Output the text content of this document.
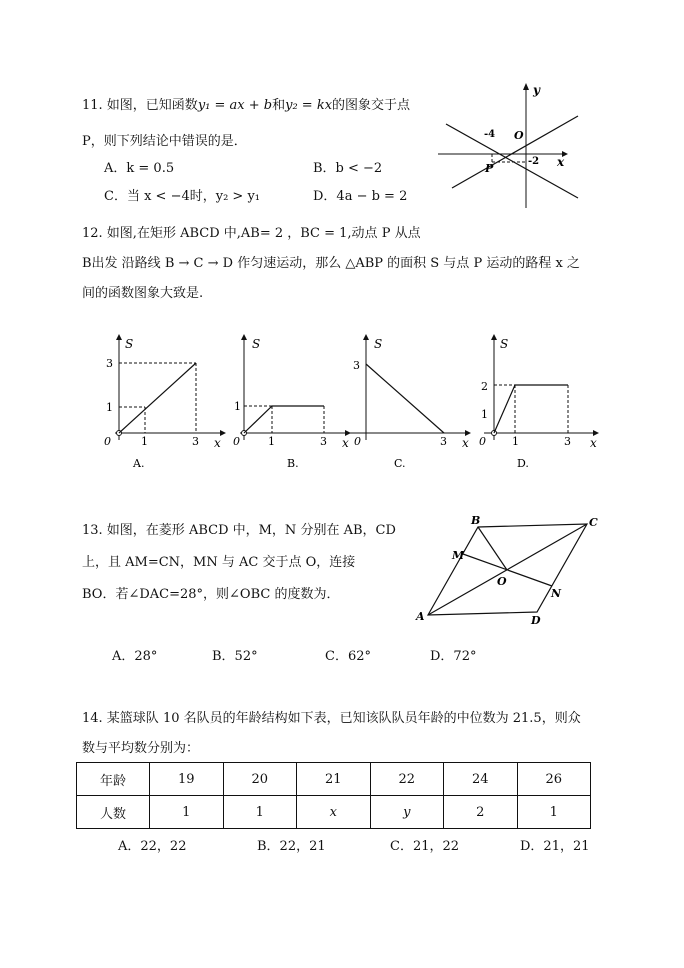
11. 如图，已知函数y₁ = ax + b和y₂ = kx的图象交于点
P，则下列结论中错误的是．
A．k = 0.5	B．b < −2
C．当 x < −4时，y₂ > y₁	D．4a − b = 2
y
x
O
-4
-2
P
12. 如图,在矩形 ABCD 中,AB= 2 ，BC = 1,动点 P 从点
B出发 沿路线 B → C → D 作匀速运动，那么 △ABP 的面积 S 与点 P 运动的路程 x 之
间的函数图象大致是.
S
x
0	1	3
1
3
A.
S
x
0	1	3
1
B.
S
x
0	3
3
C.
S
x
0 1	3
1
2
D.
13. 如图，在菱形 ABCD 中，M，N 分别在 AB，CD
上，且 AM=CN，MN 与 AC 交于点 O，连接
BO．若∠DAC=28°，则∠OBC 的度数为．
A
B	C
D
M
N
O
A．28°	B．52°	C．62°	D．72°
14. 某篮球队 10 名队员的年龄结构如下表，已知该队队员年龄的中位数为 21.5，则众
数与平均数分别为：
年龄	19	20	21	22	24	26
人数	1	1	x	y	2	1
A．22，22	B．22，21	C．21，22	D．21，21
